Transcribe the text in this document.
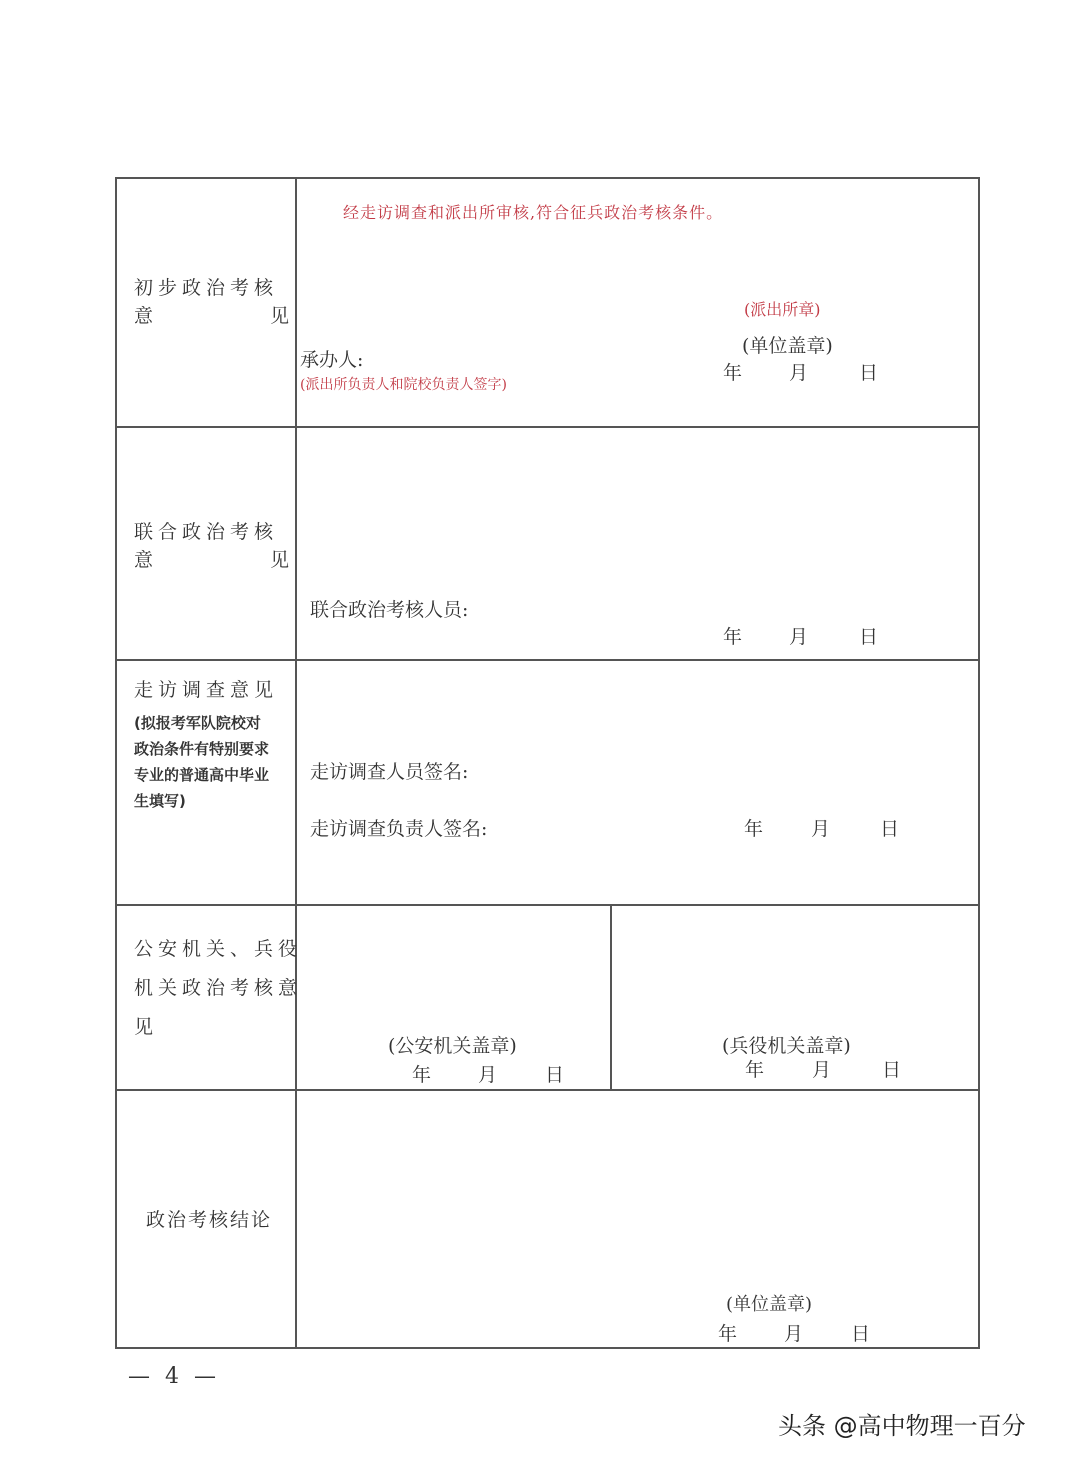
初步政治考核
意	见
经走访调查和派出所审核,符合征兵政治考核条件。
(派出所章)
(单位盖章)
承办人:
(派出所负责人和院校负责人签字)
年 月	日
联合政治考核
意	见
联合政治考核人员:
年 月	日
走访调查意见
(拟报考军队院校对
政治条件有特别要求
专业的普通高中毕业
生填写)
走访调查人员签名:
走访调查负责人签名:	年	月	日
公安机关、兵役
机关政治考核意
见
(公安机关盖章)
年 月	日
(兵役机关盖章)
年	月	日
政治考核结论
(单位盖章)
年 月	日
— 4 —
头条 @高中物理一百分
